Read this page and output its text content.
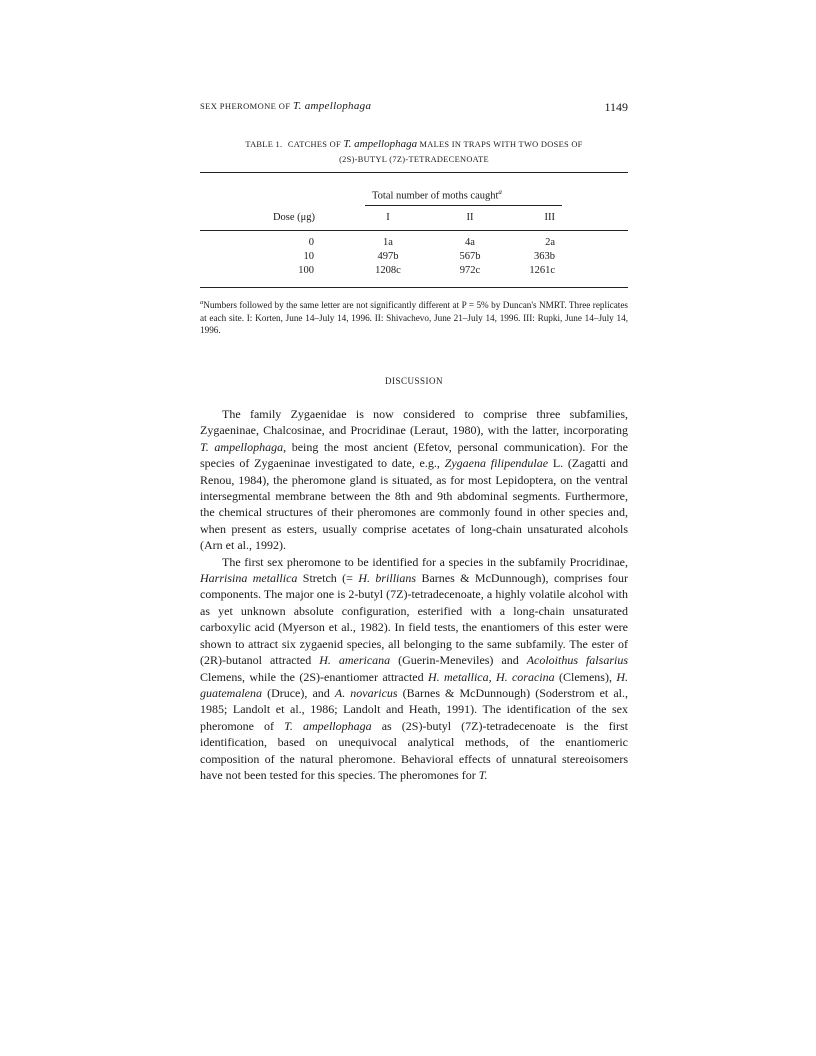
SEX PHEROMONE OF T. ampellophaga	1149
TABLE 1. CATCHES OF T. ampellophaga MALES IN TRAPS WITH TWO DOSES OF
(2S)-BUTYL (7Z)-TETRADECENOATE
Total number of moths caught$^a$
Dose (μg)	I	II	III
0	1a	4a	2a
10	497b	567b	363b
100	1208c	972c	1261c
$^a$Numbers followed by the same letter are not significantly different at P = 5% by Duncan's NMRT. Three replicates at each site. I: Korten, June 14–July 14, 1996. II: Shivachevo, June 21–July 14, 1996. III: Rupki, June 14–July 14, 1996.
DISCUSSION

The family Zygaenidae is now considered to comprise three subfamilies, Zygaeninae, Chalcosinae, and Procridinae (Leraut, 1980), with the latter, incorporating T. ampellophaga, being the most ancient (Efetov, personal communication). For the species of Zygaeninae investigated to date, e.g., Zygaena filipendulae L. (Zagatti and Renou, 1984), the pheromone gland is situated, as for most Lepidoptera, on the ventral intersegmental membrane between the 8th and 9th abdominal segments. Furthermore, the chemical structures of their pheromones are commonly found in other species and, when present as esters, usually comprise acetates of long-chain unsaturated alcohols (Arn et al., 1992).

The first sex pheromone to be identified for a species in the subfamily Procridinae, Harrisina metallica Stretch (= H. brillians Barnes & McDunnough), comprises four components. The major one is 2-butyl (7Z)-tetradecenoate, a highly volatile alcohol with as yet unknown absolute configuration, esterified with a long-chain unsaturated carboxylic acid (Myerson et al., 1982). In field tests, the enantiomers of this ester were shown to attract six zygaenid species, all belonging to the same subfamily. The ester of (2R)-butanol attracted H. americana (Guerin-Meneviles) and Acoloithus falsarius Clemens, while the (2S)-enantiomer attracted H. metallica, H. coracina (Clemens), H. guatemalena (Druce), and A. novaricus (Barnes & McDunnough) (Soderstrom et al., 1985; Landolt et al., 1986; Landolt and Heath, 1991). The identification of the sex pheromone of T. ampellophaga as (2S)-butyl (7Z)-tetradecenoate is the first identification, based on unequivocal analytical methods, of the enantiomeric composition of the natural pheromone. Behavioral effects of unnatural stereoisomers have not been tested for this species. The pheromones for T.
